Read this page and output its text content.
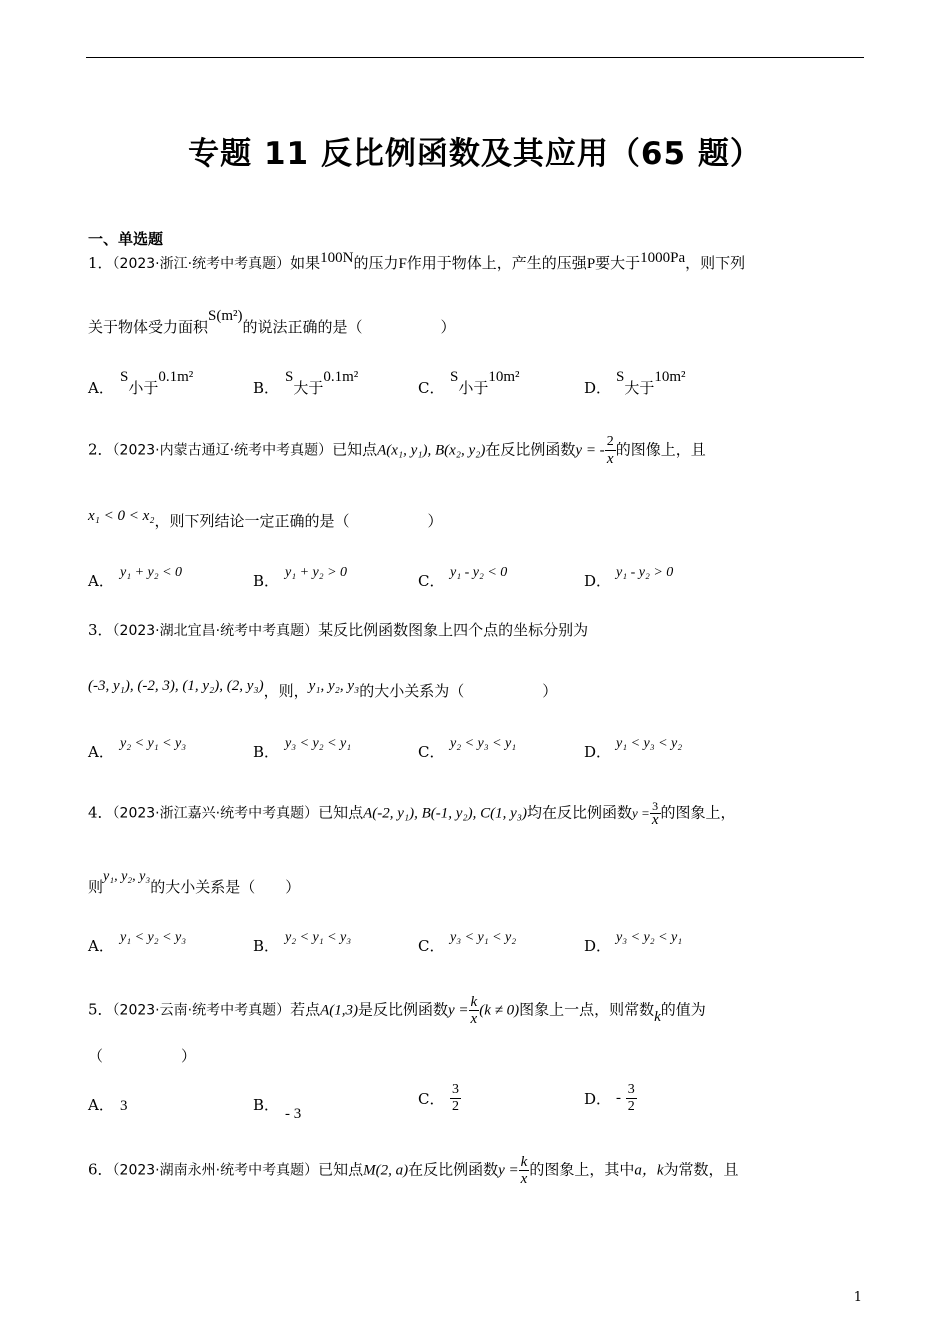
专题 11 反比例函数及其应用（65 题）
一、单选题
1．（2023·浙江·统考中考真题）如果100N的压力F作用于物体上，产生的压强P要大于1000Pa，则下列
关于物体受力面积S(m²)的说法正确的是（	）
A．S小于0.1m²
B．S大于0.1m²
C．S小于10m²
D．S大于10m²
2．（2023·内蒙古通辽·统考中考真题）已知点A(x₁, y₁), B(x₂, y₂)在反比例函数y = - $\frac{2}{x}$ 的图像上，且
x₁ < 0 < x₂，则下列结论一定正确的是（	）
A． y₁ + y₂ < 0	B． y₁ + y₂ > 0	C． y₁ - y₂ < 0	D． y₁ - y₂ > 0
3．（2023·湖北宜昌·统考中考真题）某反比例函数图象上四个点的坐标分别为
(-3, y₁), (-2, 3), (1, y₂), (2, y₃)，则，y₁, y₂, y₃的大小关系为（	）
A． y₂ < y₁ < y₃	B． y₃ < y₂ < y₁	C． y₂ < y₃ < y₁	D． y₁ < y₃ < y₂
4．（2023·浙江嘉兴·统考中考真题）已知点A(-2, y₁), B(-1, y₂), C(1, y₃)均在反比例函数$y = \frac{3}{x}$ 的图象上，
则y₁, y₂, y₃的大小关系是（ ）
A． y₁ < y₂ < y₃	B． y₂ < y₁ < y₃	C． y₃ < y₁ < y₂	D． y₃ < y₂ < y₁
5．（2023·云南·统考中考真题）若点A(1,3)是反比例函数$y = \frac{k}{x} (k \ne 0)$图象上一点，则常数k的值为
（	）
A． 3	B． - 3
C． $\frac{3}{2}$	D． - $\frac{3}{2}$
6．（2023·湖南永州·统考中考真题）已知点M(2, a)在反比例函数$y = \frac{k}{x}$ 的图象上，其中a，k为常数，且
1
